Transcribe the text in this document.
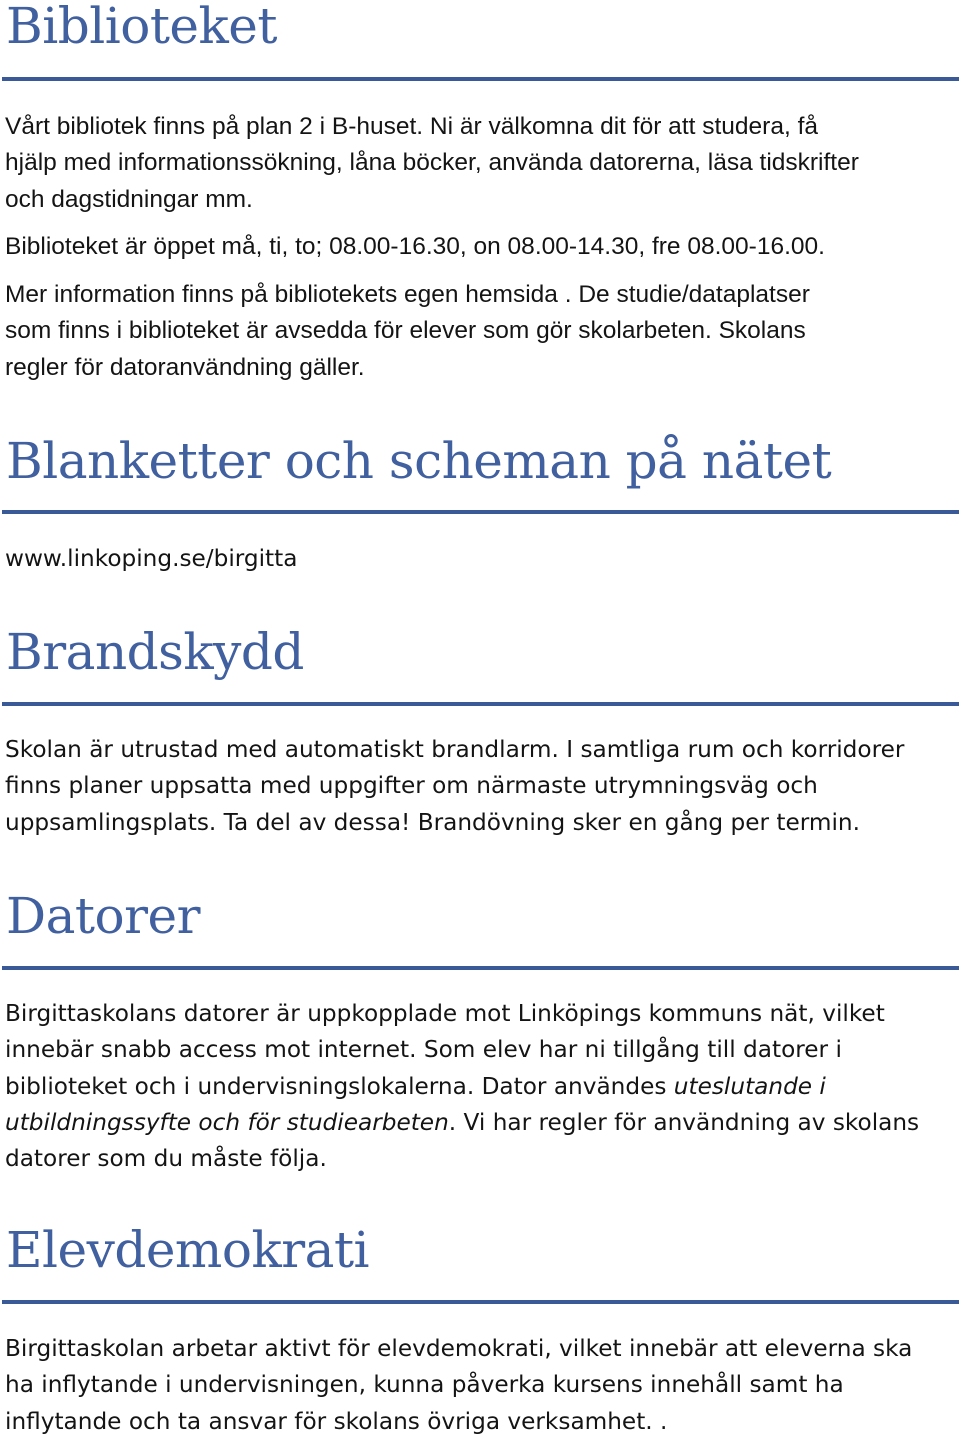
Biblioteket

Vårt bibliotek finns på plan 2 i B-huset. Ni är välkomna dit för att studera, få
hjälp med informationssökning, låna böcker, använda datorerna, läsa tidskrifter
och dagstidningar mm.

Biblioteket är öppet må, ti, to; 08.00-16.30, on 08.00-14.30, fre 08.00-16.00.

Mer information finns på bibliotekets egen hemsida . De studie/dataplatser
som finns i biblioteket är avsedda för elever som gör skolarbeten. Skolans
regler för datoranvändning gäller.

Blanketter och scheman på nätet

www.linkoping.se/birgitta

Brandskydd

Skolan är utrustad med automatiskt brandlarm. I samtliga rum och korridorer
finns planer uppsatta med uppgifter om närmaste utrymningsväg och
uppsamlingsplats. Ta del av dessa! Brandövning sker en gång per termin.

Datorer

Birgittaskolans datorer är uppkopplade mot Linköpings kommuns nät, vilket
innebär snabb access mot internet. Som elev har ni tillgång till datorer i
biblioteket och i undervisningslokalerna. Dator användes uteslutande i
utbildningssyfte och för studiearbeten. Vi har regler för användning av skolans
datorer som du måste följa.

Elevdemokrati

Birgittaskolan arbetar aktivt för elevdemokrati, vilket innebär att eleverna ska
ha inflytande i undervisningen, kunna påverka kursens innehåll samt ha
inflytande och ta ansvar för skolans övriga verksamhet. .
